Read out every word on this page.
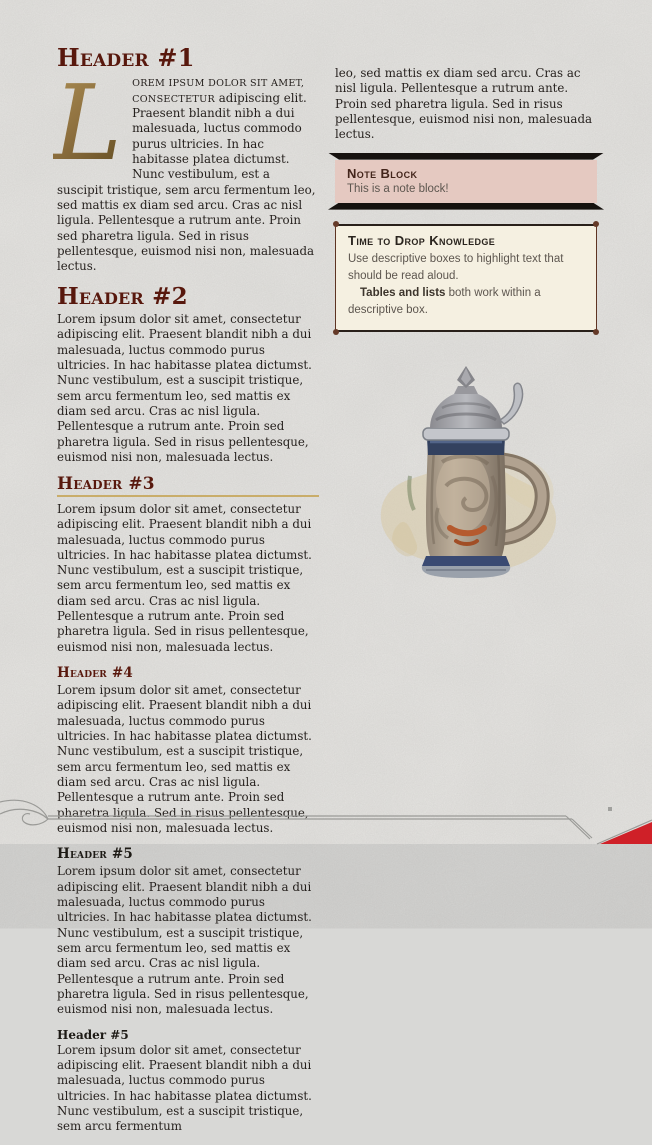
Header #1

L	OREM IPSUM DOLOR SIT AMET, CONSECTETUR adipiscing elit. Praesent blandit nibh a dui malesuada, luctus commodo purus ultricies. In hac habitasse platea dictumst. Nunc vestibulum, est a suscipit tristique, sem arcu fermentum leo, sed mattis ex diam sed arcu. Cras ac nisl ligula. Pellentesque a rutrum ante. Proin sed pharetra ligula. Sed in risus pellentesque, euismod nisi non, malesuada lectus.

Header #2

Lorem ipsum dolor sit amet, consectetur adipiscing elit. Praesent blandit nibh a dui malesuada, luctus commodo purus ultricies. In hac habitasse platea dictumst. Nunc vestibulum, est a suscipit tristique, sem arcu fermentum leo, sed mattis ex diam sed arcu. Cras ac nisl ligula. Pellentesque a rutrum ante. Proin sed pharetra ligula. Sed in risus pellentesque, euismod nisi non, malesuada lectus.

Header #3

Lorem ipsum dolor sit amet, consectetur adipiscing elit. Praesent blandit nibh a dui malesuada, luctus commodo purus ultricies. In hac habitasse platea dictumst. Nunc vestibulum, est a suscipit tristique, sem arcu fermentum leo, sed mattis ex diam sed arcu. Cras ac nisl ligula. Pellentesque a rutrum ante. Proin sed pharetra ligula. Sed in risus pellentesque, euismod nisi non, malesuada lectus.

Header #4

Lorem ipsum dolor sit amet, consectetur adipiscing elit. Praesent blandit nibh a dui malesuada, luctus commodo purus ultricies. In hac habitasse platea dictumst. Nunc vestibulum, est a suscipit tristique, sem arcu fermentum leo, sed mattis ex diam sed arcu. Cras ac nisl ligula. Pellentesque a rutrum ante. Proin sed pharetra ligula. Sed in risus pellentesque, euismod nisi non, malesuada lectus.

Header #5

Lorem ipsum dolor sit amet, consectetur adipiscing elit. Praesent blandit nibh a dui malesuada, luctus commodo purus ultricies. In hac habitasse platea dictumst. Nunc vestibulum, est a suscipit tristique, sem arcu fermentum leo, sed mattis ex diam sed arcu. Cras ac nisl ligula. Pellentesque a rutrum ante. Proin sed pharetra ligula. Sed in risus pellentesque, euismod nisi non, malesuada lectus.

Header #5

Lorem ipsum dolor sit amet, consectetur adipiscing elit. Praesent blandit nibh a dui malesuada, luctus commodo purus ultricies. In hac habitasse platea dictumst. Nunc vestibulum, est a suscipit tristique, sem arcu fermentum

leo, sed mattis ex diam sed arcu. Cras ac nisl ligula. Pellentesque a rutrum ante. Proin sed pharetra ligula. Sed in risus pellentesque, euismod nisi non, malesuada lectus.

Note Block
This is a note block!
Time to Drop Knowledge
Use descriptive boxes to highlight text that should be read aloud.
Tables and lists both work within a descriptive box.
